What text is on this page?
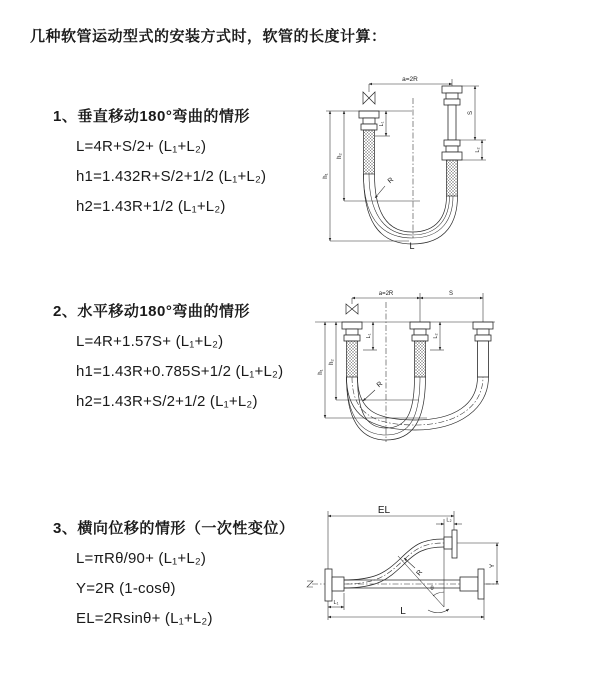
几种软管运动型式的安装方式时，软管的长度计算：
1、垂直移动180°弯曲的情形
L=4R+S/2+ (L₁+L₂)
h1=1.432R+S/2+1/2 (L₁+L₂)
h2=1.43R+1/2 (L₁+L₂)
a=2R
h₁
h₂
L₁
S
L₂
R
L
2、水平移动180°弯曲的情形
L=4R+1.57S+ (L₁+L₂)
h1=1.43R+0.785S+1/2 (L₁+L₂)
h2=1.43R+S/2+1/2 (L₁+L₂)
a=2R	S
h₁
h₂
L₁	L₂
R
3、横向位移的情形（一次性变位）
L=πRθ/90+ (L₁+L₂)
Y=2R (1-cosθ)
EL=2Rsinθ+ (L₁+L₂)
θ
EL
L₂
Y
R
L₁
L
